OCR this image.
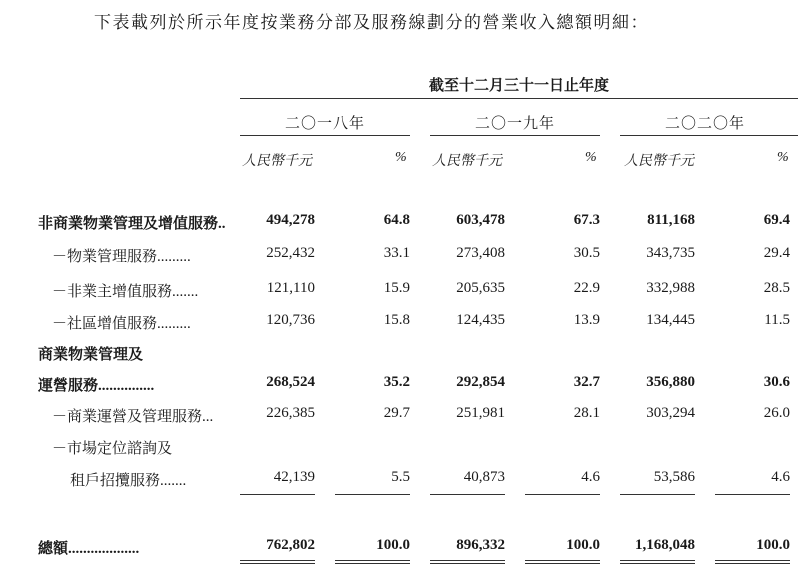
下表載列於所示年度按業務分部及服務線劃分的營業收入總額明細：
截至十二月三十一日止年度
二〇一八年	二〇一九年	二〇二〇年
人民幣千元	% 人民幣千元	% 人民幣千元	%
非商業物業管理及增值服務..	494,278	64.8	603,478	67.3	811,168	69.4
－物業管理服務.........	252,432	33.1	273,408	30.5	343,735	29.4
－非業主增值服務.......	121,110	15.9	205,635	22.9	332,988	28.5
－社區增值服務.........	120,736	15.8	124,435	13.9	134,445	11.5
商業物業管理及
運營服務...............	268,524	35.2	292,854	32.7	356,880	30.6
－商業運營及管理服務...	226,385	29.7	251,981	28.1	303,294	26.0
－市場定位諮詢及
租戶招攬服務.......	42,139	5.5	40,873	4.6	53,586	4.6
總額...................	762,802	100.0	896,332	100.0	1,168,048	100.0
